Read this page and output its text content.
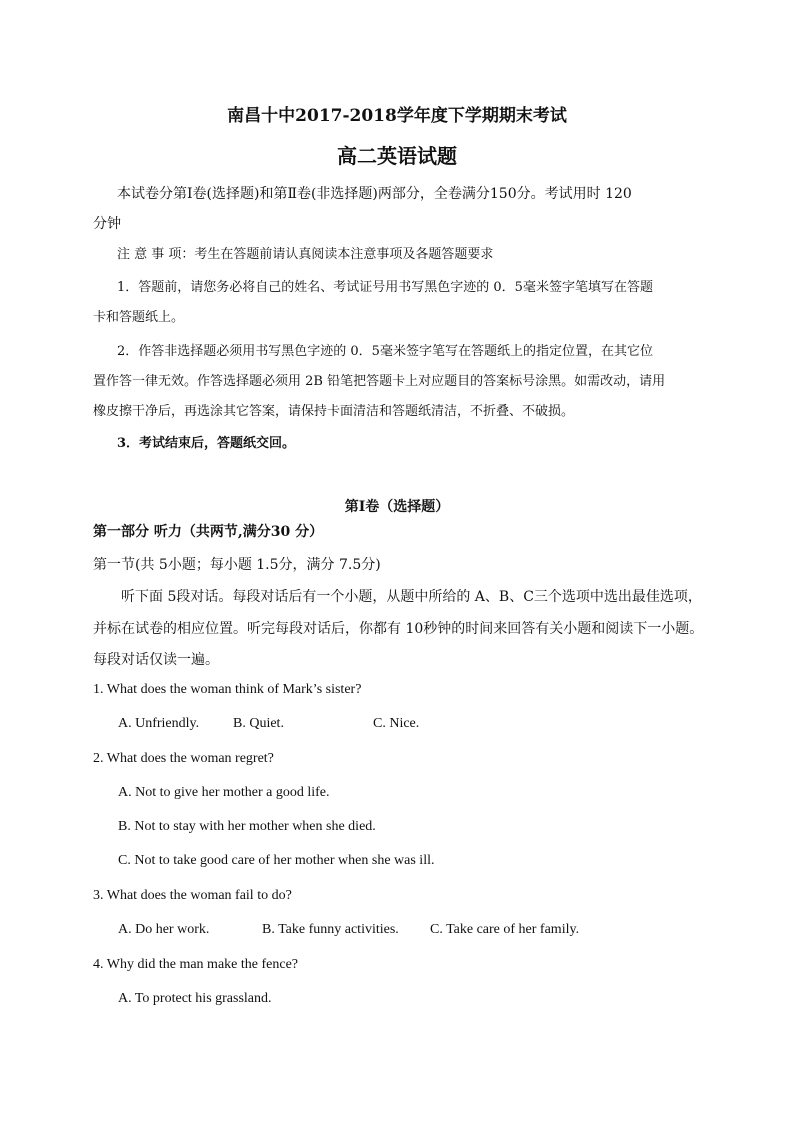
南昌十中2017-2018学年度下学期期末考试
高二英语试题
本试卷分第Ⅰ卷(选择题)和第Ⅱ卷(非选择题)两部分，全卷满分150分。考试用时 120
分钟
注 意 事 项：考生在答题前请认真阅读本注意事项及各题答题要求
1．答题前，请您务必将自己的姓名、考试证号用书写黑色字迹的 0．5毫米签字笔填写在答题
卡和答题纸上。
2．作答非选择题必须用书写黑色字迹的 0．5毫米签字笔写在答题纸上的指定位置，在其它位
置作答一律无效。作答选择题必须用 2B 铅笔把答题卡上对应题目的答案标号涂黑。如需改动，请用
橡皮擦干净后，再选涂其它答案，请保持卡面清洁和答题纸清洁，不折叠、不破损。
3．考试结束后，答题纸交回。
第Ⅰ卷（选择题）
第一部分 听力（共两节,满分30 分）
第一节(共 5小题；每小题 1.5分，满分 7.5分)
听下面 5段对话。每段对话后有一个小题，从题中所给的 A、B、C三个选项中选出最佳选项，
并标在试卷的相应位置。听完每段对话后，你都有 10秒钟的时间来回答有关小题和阅读下一小题。
每段对话仅读一遍。
1. What does the woman think of Mark’s sister?
A. Unfriendly. B. Quiet.	C. Nice.
2. What does the woman regret?
A. Not to give her mother a good life.
B. Not to stay with her mother when she died.
C. Not to take good care of her mother when she was ill.
3. What does the woman fail to do?
A. Do her work.	B. Take funny activities. C. Take care of her family.
4. Why did the man make the fence?
A. To protect his grassland.
